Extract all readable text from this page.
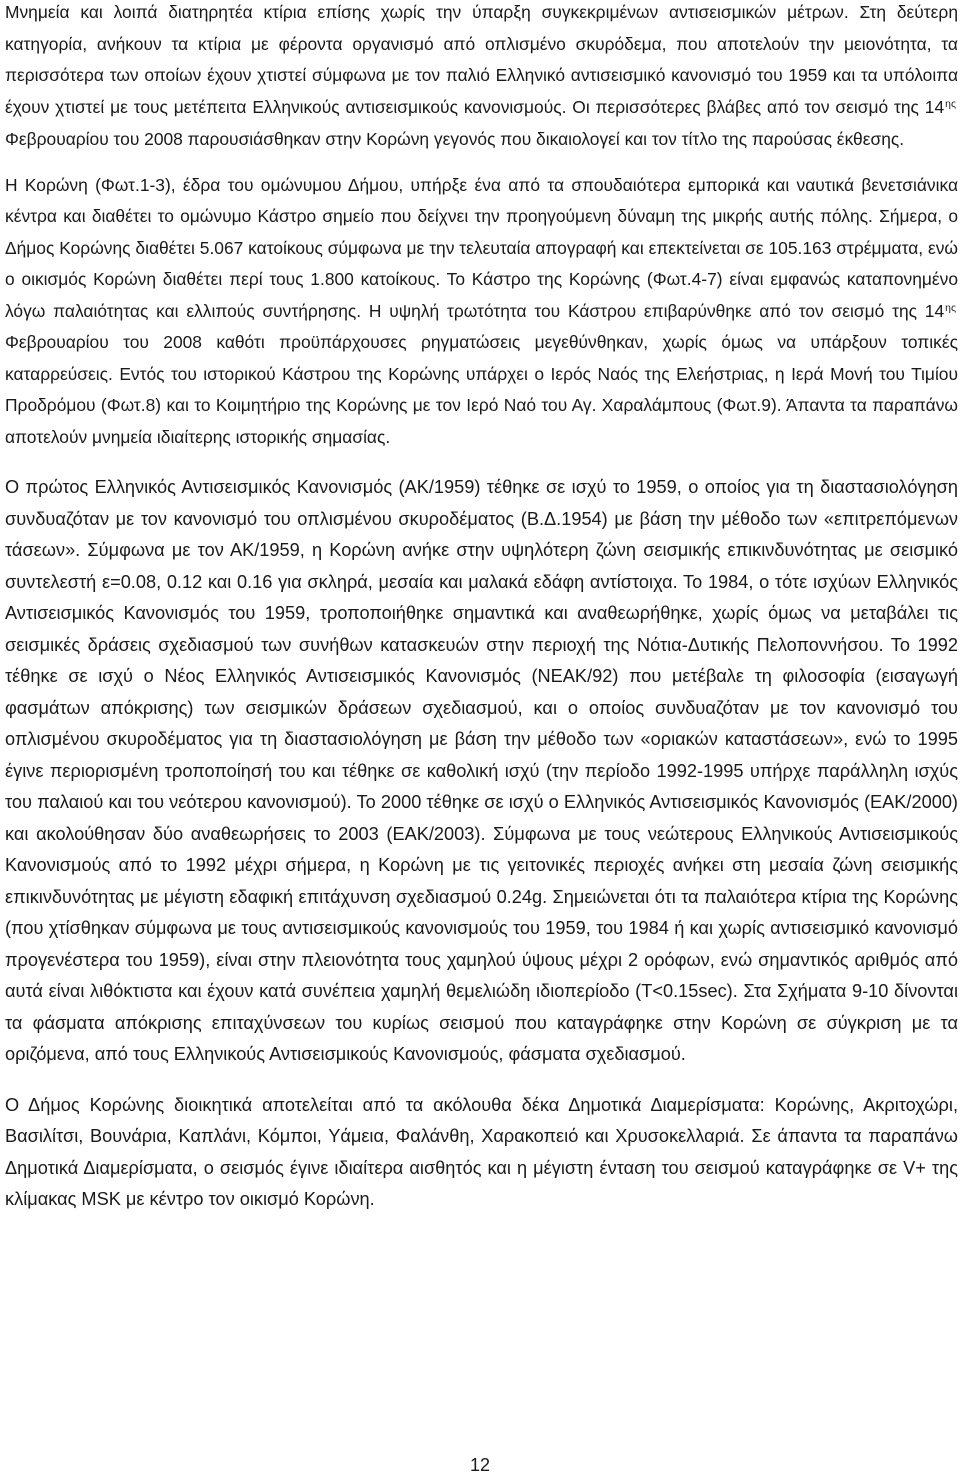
Μνημεία και λοιπά διατηρητέα κτίρια επίσης χωρίς την ύπαρξη συγκεκριμένων αντισεισμικών μέτρων. Στη δεύτερη κατηγορία, ανήκουν τα κτίρια με φέροντα οργανισμό από οπλισμένο σκυρόδεμα, που αποτελούν την μειονότητα, τα περισσότερα των οποίων έχουν χτιστεί σύμφωνα με τον παλιό Ελληνικό αντισεισμικό κανονισμό του 1959 και τα υπόλοιπα έχουν χτιστεί με τους μετέπειτα Ελληνικούς αντισεισμικούς κανονισμούς. Οι περισσότερες βλάβες από τον σεισμό της $14^{\eta\varsigma}$ Φεβρουαρίου του 2008 παρουσιάσθηκαν στην Κορώνη γεγονός που δικαιολογεί και τον τίτλο της παρούσας έκθεσης.

Η Κορώνη (Φωτ.1-3), έδρα του ομώνυμου Δήμου, υπήρξε ένα από τα σπουδαιότερα εμπορικά και ναυτικά βενετσιάνικα κέντρα και διαθέτει το ομώνυμο Κάστρο σημείο που δείχνει την προηγούμενη δύναμη της μικρής αυτής πόλης. Σήμερα, ο Δήμος Κορώνης διαθέτει 5.067 κατοίκους σύμφωνα με την τελευταία απογραφή και επεκτείνεται σε 105.163 στρέμματα, ενώ ο οικισμός Κορώνη διαθέτει περί τους 1.800 κατοίκους. Το Κάστρο της Κορώνης (Φωτ.4-7) είναι εμφανώς καταπονημένο λόγω παλαιότητας και ελλιπούς συντήρησης. Η υψηλή τρωτότητα του Κάστρου επιβαρύνθηκε από τον σεισμό της $14^{\eta\varsigma}$ Φεβρουαρίου του 2008 καθότι προϋπάρχουσες ρηγματώσεις μεγεθύνθηκαν, χωρίς όμως να υπάρξουν τοπικές καταρρεύσεις. Εντός του ιστορικού Κάστρου της Κορώνης υπάρχει ο Ιερός Ναός της Ελεήστριας, η Ιερά Μονή του Τιμίου Προδρόμου (Φωτ.8) και το Κοιμητήριο της Κορώνης με τον Ιερό Ναό του Αγ. Χαραλάμπους (Φωτ.9). Άπαντα τα παραπάνω αποτελούν μνημεία ιδιαίτερης ιστορικής σημασίας.

Ο πρώτος Ελληνικός Αντισεισμικός Κανονισμός (ΑΚ/1959) τέθηκε σε ισχύ το 1959, ο οποίος για τη διαστασιολόγηση συνδυαζόταν με τον κανονισμό του οπλισμένου σκυροδέματος (Β.Δ.1954) με βάση την μέθοδο των «επιτρεπόμενων τάσεων». Σύμφωνα με τον ΑΚ/1959, η Κορώνη ανήκε στην υψηλότερη ζώνη σεισμικής επικινδυνότητας με σεισμικό συντελεστή ε=0.08, 0.12 και 0.16 για σκληρά, μεσαία και μαλακά εδάφη αντίστοιχα. Το 1984, ο τότε ισχύων Ελληνικός Αντισεισμικός Κανονισμός του 1959, τροποποιήθηκε σημαντικά και αναθεωρήθηκε, χωρίς όμως να μεταβάλει τις σεισμικές δράσεις σχεδιασμού των συνήθων κατασκευών στην περιοχή της Νότια-Δυτικής Πελοποννήσου. Το 1992 τέθηκε σε ισχύ ο Νέος Ελληνικός Αντισεισμικός Κανονισμός (ΝΕΑΚ/92) που μετέβαλε τη φιλοσοφία (εισαγωγή φασμάτων απόκρισης) των σεισμικών δράσεων σχεδιασμού, και ο οποίος συνδυαζόταν με τον κανονισμό του οπλισμένου σκυροδέματος για τη διαστασιολόγηση με βάση την μέθοδο των «οριακών καταστάσεων», ενώ το 1995 έγινε περιορισμένη τροποποίησή του και τέθηκε σε καθολική ισχύ (την περίοδο 1992-1995 υπήρχε παράλληλη ισχύς του παλαιού και του νεότερου κανονισμού). Το 2000 τέθηκε σε ισχύ ο Ελληνικός Αντισεισμικός Κανονισμός (ΕΑΚ/2000) και ακολούθησαν δύο αναθεωρήσεις το 2003 (ΕΑΚ/2003). Σύμφωνα με τους νεώτερους Ελληνικούς Αντισεισμικούς Κανονισμούς από το 1992 μέχρι σήμερα, η Κορώνη με τις γειτονικές περιοχές ανήκει στη μεσαία ζώνη σεισμικής επικινδυνότητας με μέγιστη εδαφική επιτάχυνση σχεδιασμού 0.24g. Σημειώνεται ότι τα παλαιότερα κτίρια της Κορώνης (που χτίσθηκαν σύμφωνα με τους αντισεισμικούς κανονισμούς του 1959, του 1984 ή και χωρίς αντισεισμικό κανονισμό προγενέστερα του 1959), είναι στην πλειονότητα τους χαμηλού ύψους μέχρι 2 ορόφων, ενώ σημαντικός αριθμός από αυτά είναι λιθόκτιστα και έχουν κατά συνέπεια χαμηλή θεμελιώδη ιδιοπερίοδο (T<0.15sec). Στα Σχήματα 9-10 δίνονται τα φάσματα απόκρισης επιταχύνσεων του κυρίως σεισμού που καταγράφηκε στην Κορώνη σε σύγκριση με τα οριζόμενα, από τους Ελληνικούς Αντισεισμικούς Κανονισμούς, φάσματα σχεδιασμού.

Ο Δήμος Κορώνης διοικητικά αποτελείται από τα ακόλουθα δέκα Δημοτικά Διαμερίσματα: Κορώνης, Ακριτοχώρι, Βασιλίτσι, Βουνάρια, Καπλάνι, Κόμποι, Υάμεια, Φαλάνθη, Χαρακοπειό και Χρυσοκελλαριά. Σε άπαντα τα παραπάνω Δημοτικά Διαμερίσματα, ο σεισμός έγινε ιδιαίτερα αισθητός και η μέγιστη ένταση του σεισμού καταγράφηκε σε V+ της κλίμακας MSK με κέντρο τον οικισμό Κορώνη.

12
